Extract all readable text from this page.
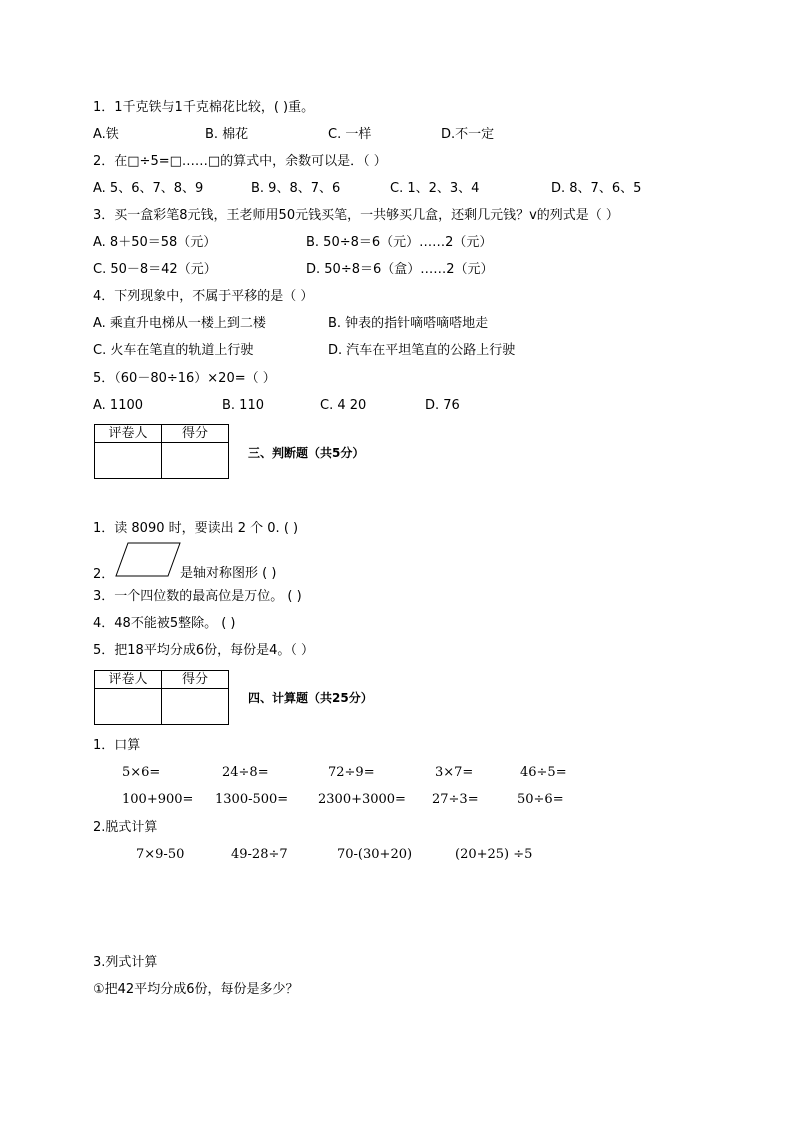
1．1千克铁与1千克棉花比较，( )重。
A.铁	B. 棉花	C. 一样	D.不一定
2．在□÷5=□……□的算式中，余数可以是．（ ）
A. 5、6、7、8、9	B. 9、8、7、6	C. 1、2、3、4	D. 8、7、6、5
3．买一盒彩笔8元钱，王老师用50元钱买笔，一共够买几盒，还剩几元钱？v的列式是（ ）
A. 8＋50＝58（元）	B. 50÷8＝6（元）……2（元）
C. 50－8＝42（元）	D. 50÷8＝6（盒）……2（元）
4．下列现象中，不属于平移的是（ ）
A. 乘直升电梯从一楼上到二楼	B. 钟表的指针嘀嗒嘀嗒地走
C. 火车在笔直的轨道上行驶	D. 汽车在平坦笔直的公路上行驶
5．（60－80÷16）×20=（ ）
A. 1100	B. 110	C. 4 20	D. 76
评卷人	得分

三、判断题（共5分）
1．读 8090 时，要读出 2 个 0. ( )
2．	是轴对称图形 ( )
3．一个四位数的最高位是万位。 ( )
4．48不能被5整除。 ( )
5．把18平均分成6份，每份是4。（ ）
评卷人	得分

四、计算题（共25分）
1．口算
5×6=	24÷8=	72÷9=	3×7=	46÷5=
100+900= 1300-500= 2300+3000= 27÷3=	50÷6=
2.脱式计算
7×9-50	49-28÷7	70-(30+20)	(20+25) ÷5
3.列式计算
①把42平均分成6份，每份是多少？
